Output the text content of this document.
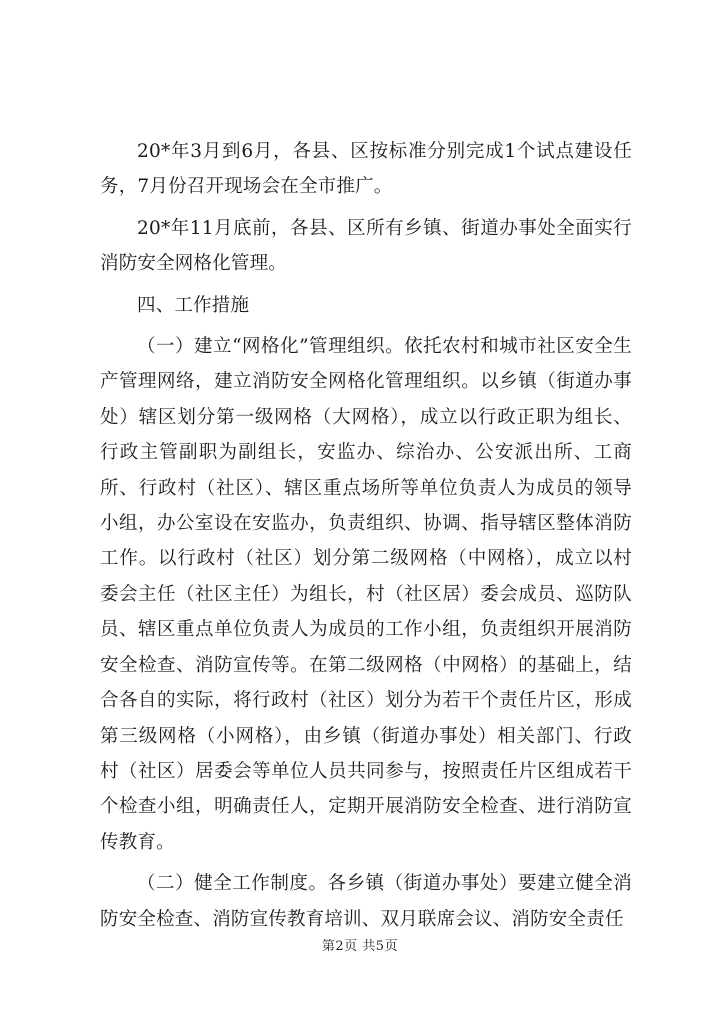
20*年3月到6月，各县、区按标准分别完成1个试点建设任务，7月份召开现场会在全市推广。

20*年11月底前，各县、区所有乡镇、街道办事处全面实行消防安全网格化管理。

四、工作措施

（一）建立“网格化”管理组织。依托农村和城市社区安全生产管理网络，建立消防安全网格化管理组织。以乡镇（街道办事处）辖区划分第一级网格（大网格），成立以行政正职为组长、行政主管副职为副组长，安监办、综治办、公安派出所、工商所、行政村（社区）、辖区重点场所等单位负责人为成员的领导小组，办公室设在安监办，负责组织、协调、指导辖区整体消防工作。以行政村（社区）划分第二级网格（中网格），成立以村委会主任（社区主任）为组长，村（社区居）委会成员、巡防队员、辖区重点单位负责人为成员的工作小组，负责组织开展消防安全检查、消防宣传等。在第二级网格（中网格）的基础上，结合各自的实际，将行政村（社区）划分为若干个责任片区，形成第三级网格（小网格），由乡镇（街道办事处）相关部门、行政村（社区）居委会等单位人员共同参与，按照责任片区组成若干个检查小组，明确责任人，定期开展消防安全检查、进行消防宣传教育。

（二）健全工作制度。各乡镇（街道办事处）要建立健全消防安全检查、消防宣传教育培训、双月联席会议、消防安全责任

第2页 共5页
